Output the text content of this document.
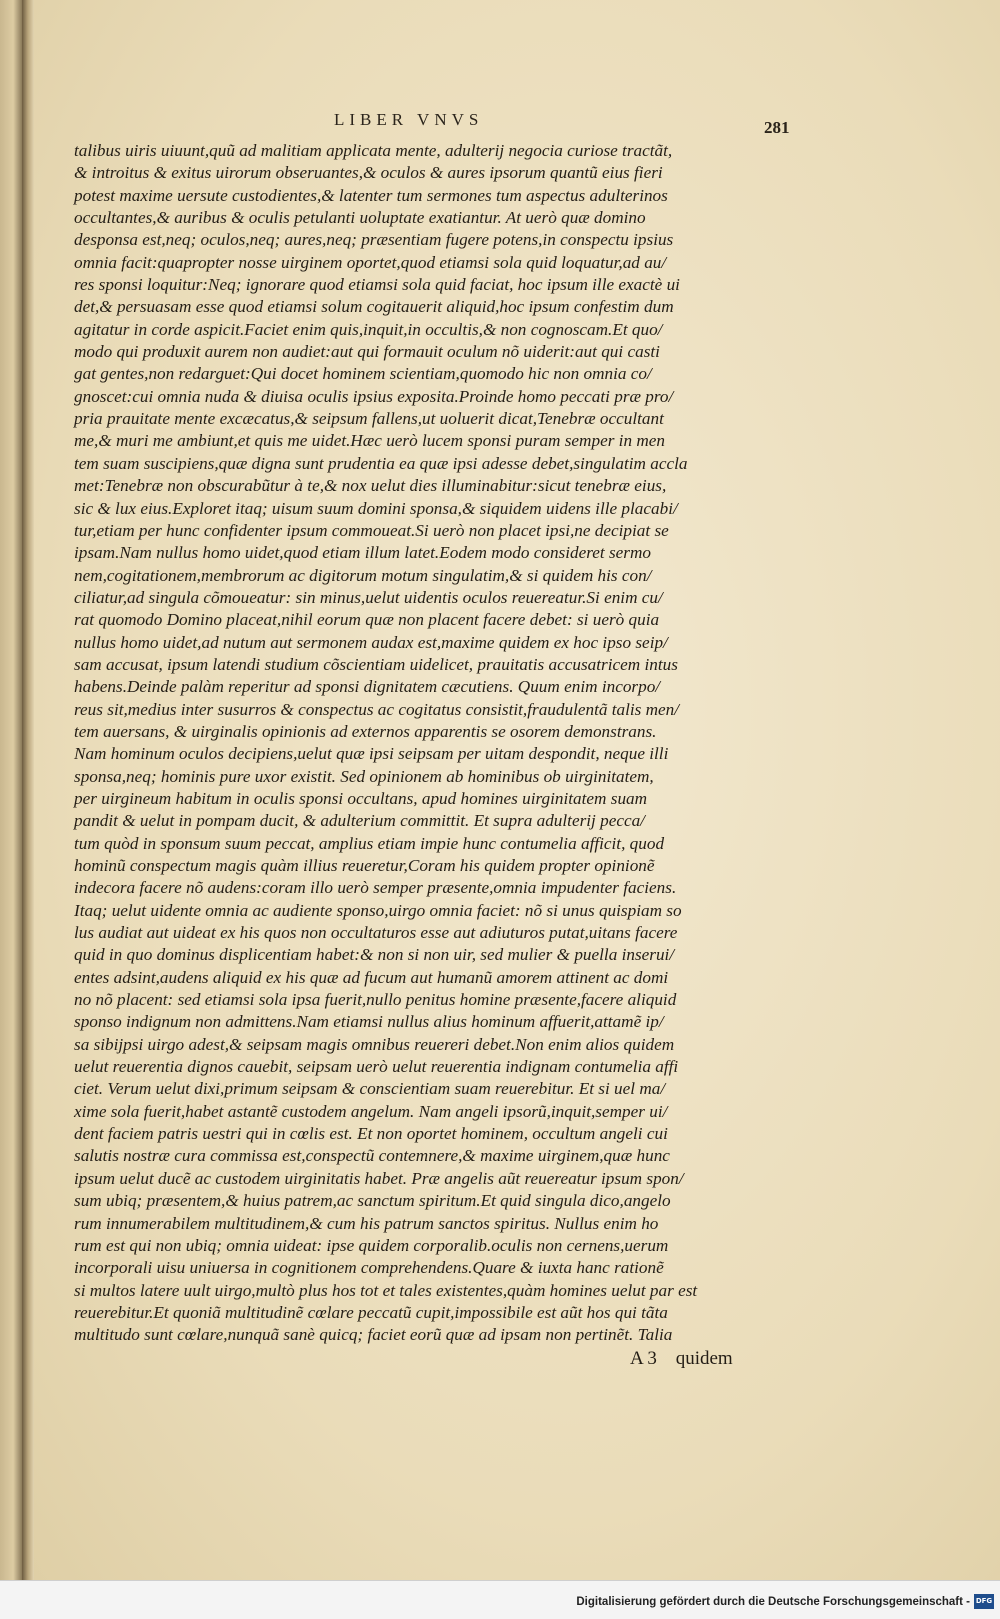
LIBER VNVS	281

talibus uiris uiuunt,quũ ad malitiam applicata mente, adulterij negocia curiose tractãt,

& introitus & exitus uirorum obseruantes,& oculos & aures ipsorum quantũ eius fieri

potest maxime uersute custodientes,& latenter tum sermones tum aspectus adulterinos

occultantes,& auribus & oculis petulanti uoluptate exatiantur. At uerò quæ domino

desponsa est,neq; oculos,neq; aures,neq; præsentiam fugere potens,in conspectu ipsius

omnia facit:quapropter nosse uirginem oportet,quod etiamsi sola quid loquatur,ad au/

res sponsi loquitur:Neq; ignorare quod etiamsi sola quid faciat, hoc ipsum ille exactè ui

det,& persuasam esse quod etiamsi solum cogitauerit aliquid,hoc ipsum confestim dum

agitatur in corde aspicit.Faciet enim quis,inquit,in occultis,& non cognoscam.Et quo/

modo qui produxit aurem non audiet:aut qui formauit oculum nõ uiderit:aut qui casti

gat gentes,non redarguet:Qui docet hominem scientiam,quomodo hic non omnia co/

gnoscet:cui omnia nuda & diuisa oculis ipsius exposita.Proinde homo peccati præ pro/

pria prauitate mente excæcatus,& seipsum fallens,ut uoluerit dicat,Tenebræ occultant

me,& muri me ambiunt,et quis me uidet.Hæc uerò lucem sponsi puram semper in men

tem suam suscipiens,quæ digna sunt prudentia ea quæ ipsi adesse debet,singulatim accla

met:Tenebræ non obscurabũtur à te,& nox uelut dies illuminabitur:sicut tenebræ eius,

sic & lux eius.Exploret itaq; uisum suum domini sponsa,& siquidem uidens ille placabi/

tur,etiam per hunc confidenter ipsum commoueat.Si uerò non placet ipsi,ne decipiat se

ipsam.Nam nullus homo uidet,quod etiam illum latet.Eodem modo consideret sermo

nem,cogitationem,membrorum ac digitorum motum singulatim,& si quidem his con/

ciliatur,ad singula cõmoueatur: sin minus,uelut uidentis oculos reuereatur.Si enim cu/

rat quomodo Domino placeat,nihil eorum quæ non placent facere debet: si uerò quia

nullus homo uidet,ad nutum aut sermonem audax est,maxime quidem ex hoc ipso seip/

sam accusat, ipsum latendi studium cõscientiam uidelicet, prauitatis accusatricem intus

habens.Deinde palàm reperitur ad sponsi dignitatem cæcutiens. Quum enim incorpo/

reus sit,medius inter susurros & conspectus ac cogitatus consistit,fraudulentã talis men/

tem auersans, & uirginalis opinionis ad externos apparentis se osorem demonstrans.

Nam hominum oculos decipiens,uelut quæ ipsi seipsam per uitam despondit, neque illi

sponsa,neq; hominis pure uxor existit. Sed opinionem ab hominibus ob uirginitatem,

per uirgineum habitum in oculis sponsi occultans, apud homines uirginitatem suam

pandit & uelut in pompam ducit, & adulterium committit. Et supra adulterij pecca/

tum quòd in sponsum suum peccat, amplius etiam impie hunc contumelia afficit, quod

hominũ conspectum magis quàm illius reueretur,Coram his quidem propter opinionẽ

indecora facere nõ audens:coram illo uerò semper præsente,omnia impudenter faciens.

Itaq; uelut uidente omnia ac audiente sponso,uirgo omnia faciet: nõ si unus quispiam so

lus audiat aut uideat ex his quos non occultaturos esse aut adiuturos putat,uitans facere

quid in quo dominus displicentiam habet:& non si non uir, sed mulier & puella inserui/

entes adsint,audens aliquid ex his quæ ad fucum aut humanũ amorem attinent ac domi

no nõ placent: sed etiamsi sola ipsa fuerit,nullo penitus homine præsente,facere aliquid

sponso indignum non admittens.Nam etiamsi nullus alius hominum affuerit,attamẽ ip/

sa sibijpsi uirgo adest,& seipsam magis omnibus reuereri debet.Non enim alios quidem

uelut reuerentia dignos cauebit, seipsam uerò uelut reuerentia indignam contumelia affi

ciet. Verum uelut dixi,primum seipsam & conscientiam suam reuerebitur. Et si uel ma/

xime sola fuerit,habet astantẽ custodem angelum. Nam angeli ipsorũ,inquit,semper ui/

dent faciem patris uestri qui in cœlis est. Et non oportet hominem, occultum angeli cui

salutis nostræ cura commissa est,conspectũ contemnere,& maxime uirginem,quæ hunc

ipsum uelut ducẽ ac custodem uirginitatis habet. Præ angelis aũt reuereatur ipsum spon/

sum ubiq; præsentem,& huius patrem,ac sanctum spiritum.Et quid singula dico,angelo

rum innumerabilem multitudinem,& cum his patrum sanctos spiritus. Nullus enim ho

rum est qui non ubiq; omnia uideat: ipse quidem corporalib.oculis non cernens,uerum

incorporali uisu uniuersa in cognitionem comprehendens.Quare & iuxta hanc rationẽ

si multos latere uult uirgo,multò plus hos tot et tales existentes,quàm homines uelut par est

reuerebitur.Et quoniã multitudinẽ cœlare peccatũ cupit,impossibile est aũt hos qui tãta

multitudo sunt cœlare,nunquã sanè quicq; faciet eorũ quæ ad ipsam non pertinẽt. Talia

A 3 quidem
Digitalisierung gefördert durch die Deutsche Forschungsgemeinschaft - DFG
